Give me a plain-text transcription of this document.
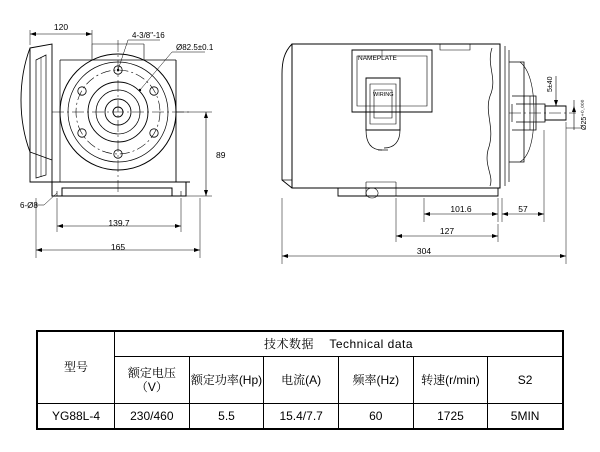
120
4-3/8"-16
Ø82.5±0.1
139.7
165
6-Ø8
89
NAMEPLATE
WIRING
101.6	57
127
304
5±40
Ø25⁺⁰·⁰⁰⁰
型号	技术数据 Technical data					
	额定电压（V）	额定功率(Hp)	电流(A)	频率(Hz)	转速(r/min)	S2
YG88L-4	230/460	5.5	15.4/7.7	60	1725	5MIN
